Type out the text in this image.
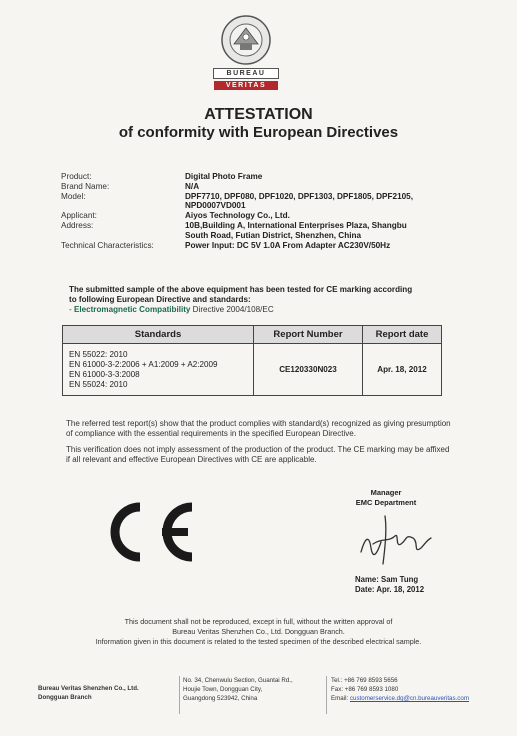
BUREAU
VERITAS
ATTESTATION
of conformity with European Directives
Product:	Digital Photo Frame
Brand Name:	N/A
Model:	DPF7710, DPF080, DPF1020, DPF1303, DPF1805, DPF2105,
NPD0007VD001
Applicant:	Aiyos Technology Co., Ltd.
Address:	10B,Building A, International Enterprises Plaza, Shangbu
South Road, Futian District, Shenzhen, China
Technical Characteristics:	Power Input: DC 5V 1.0A From Adapter AC230V/50Hz
The submitted sample of the above equipment has been tested for CE marking according
to following European Directive and standards:
- Electromagnetic Compatibility Directive 2004/108/EC
Standards	Report Number	Report date

EN 55022: 2010
EN 61000-3-2:2006 + A1:2009 + A2:2009
EN 61000-3-3:2008
EN 55024: 2010	CE120330N023	Apr. 18, 2012
The referred test report(s) show that the product complies with standard(s) recognized as giving presumption of compliance with the essential requirements in the specified European Directive.
This verification does not imply assessment of the production of the product. The CE marking may be affixed if all relevant and effective European Directives with CE are applicable.
Manager
EMC Department
Name: Sam Tung
Date: Apr. 18, 2012
This document shall not be reproduced, except in full, without the written approval of
Bureau Veritas Shenzhen Co., Ltd. Dongguan Branch.
Information given in this document is related to the tested specimen of the described electrical sample.
Bureau Veritas Shenzhen Co., Ltd.
Dongguan Branch
No. 34, Chenwulu Section, Guantai Rd.,
Houjie Town, Dongguan City,
Guangdong 523942, China
Tel.: +86 769 8593 5656
Fax: +86 769 8593 1080
Email: customerservice.dg@cn.bureauveritas.com
